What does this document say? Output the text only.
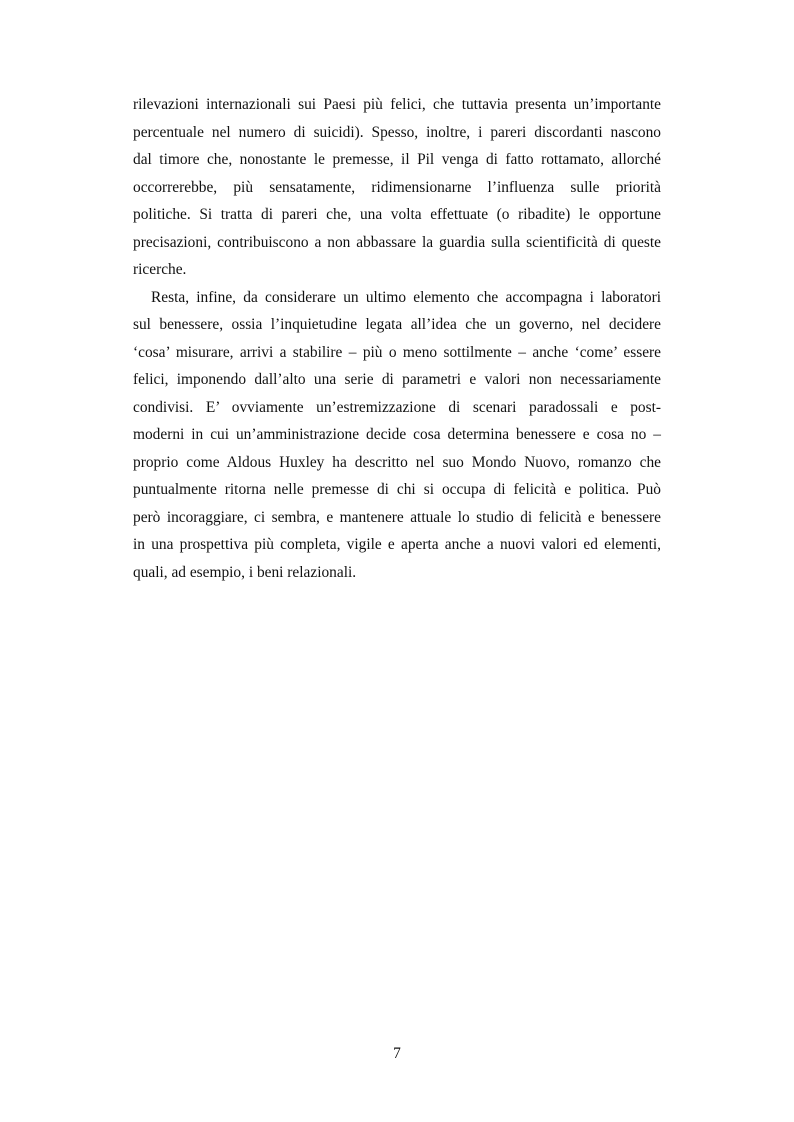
rilevazioni internazionali sui Paesi più felici, che tuttavia presenta un’importante
percentuale nel numero di suicidi). Spesso, inoltre, i pareri discordanti nascono
dal timore che, nonostante le premesse, il Pil venga di fatto rottamato, allorché
occorrerebbe, più sensatamente, ridimensionarne l’influenza sulle priorità
politiche. Si tratta di pareri che, una volta effettuate (o ribadite) le opportune
precisazioni, contribuiscono a non abbassare la guardia sulla scientificità di queste
ricerche.
Resta, infine, da considerare un ultimo elemento che accompagna i laboratori
sul benessere, ossia l’inquietudine legata all’idea che un governo, nel decidere
‘cosa’ misurare, arrivi a stabilire – più o meno sottilmente – anche ‘come’ essere
felici, imponendo dall’alto una serie di parametri e valori non necessariamente
condivisi. E’ ovviamente un’estremizzazione di scenari paradossali e post-
moderni in cui un’amministrazione decide cosa determina benessere e cosa no –
proprio come Aldous Huxley ha descritto nel suo Mondo Nuovo, romanzo che
puntualmente ritorna nelle premesse di chi si occupa di felicità e politica. Può
però incoraggiare, ci sembra, e mantenere attuale lo studio di felicità e benessere
in una prospettiva più completa, vigile e aperta anche a nuovi valori ed elementi,
quali, ad esempio, i beni relazionali.
7
